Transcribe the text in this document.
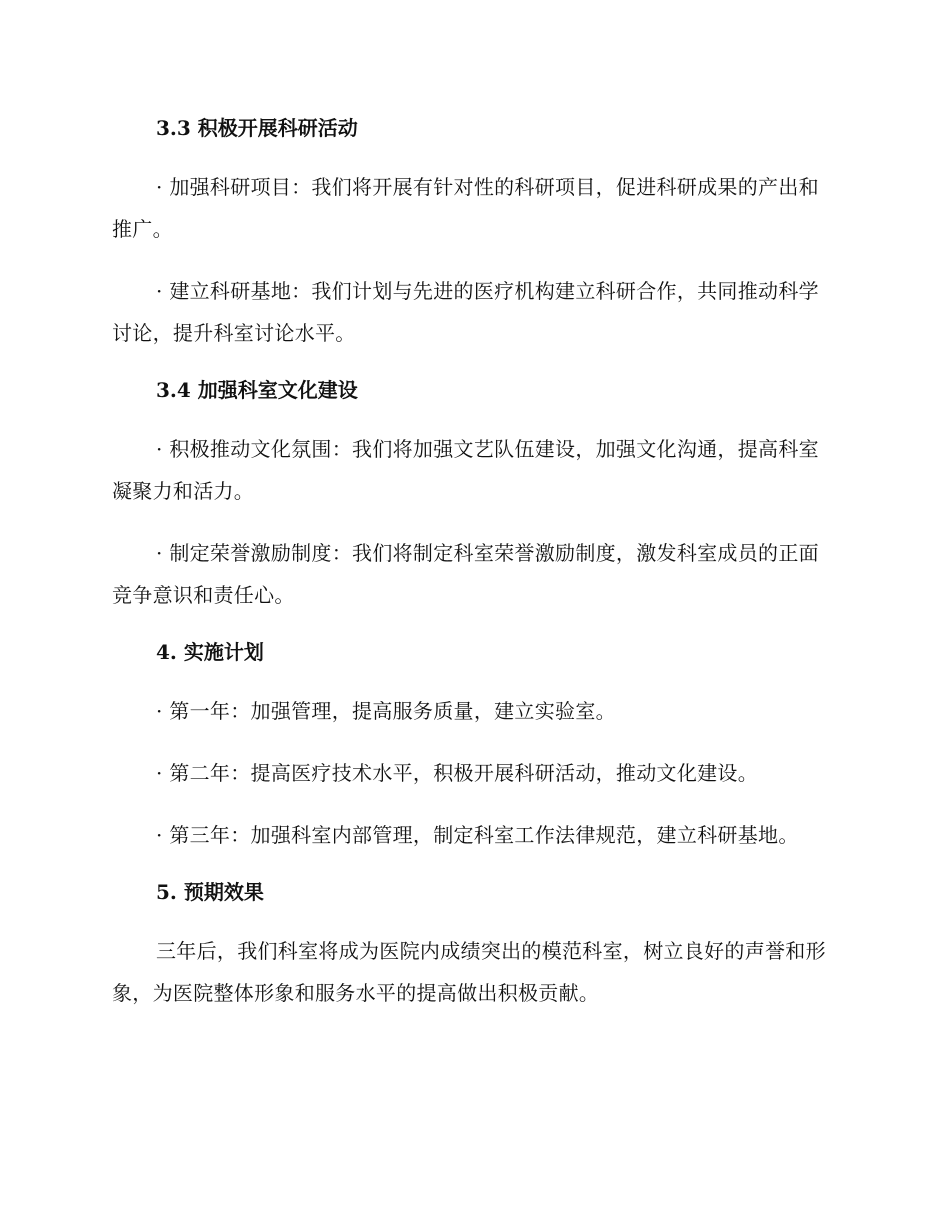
3.3 积极开展科研活动

· 加强科研项目：我们将开展有针对性的科研项目，促进科研成果的产出和推广。

· 建立科研基地：我们计划与先进的医疗机构建立科研合作，共同推动科学讨论，提升科室讨论水平。

3.4 加强科室文化建设

· 积极推动文化氛围：我们将加强文艺队伍建设，加强文化沟通，提高科室凝聚力和活力。

· 制定荣誉激励制度：我们将制定科室荣誉激励制度，激发科室成员的正面竞争意识和责任心。

4. 实施计划

· 第一年：加强管理，提高服务质量，建立实验室。

· 第二年：提高医疗技术水平，积极开展科研活动，推动文化建设。

· 第三年：加强科室内部管理，制定科室工作法律规范，建立科研基地。

5. 预期效果

三年后，我们科室将成为医院内成绩突出的模范科室，树立良好的声誉和形象，为医院整体形象和服务水平的提高做出积极贡献。
